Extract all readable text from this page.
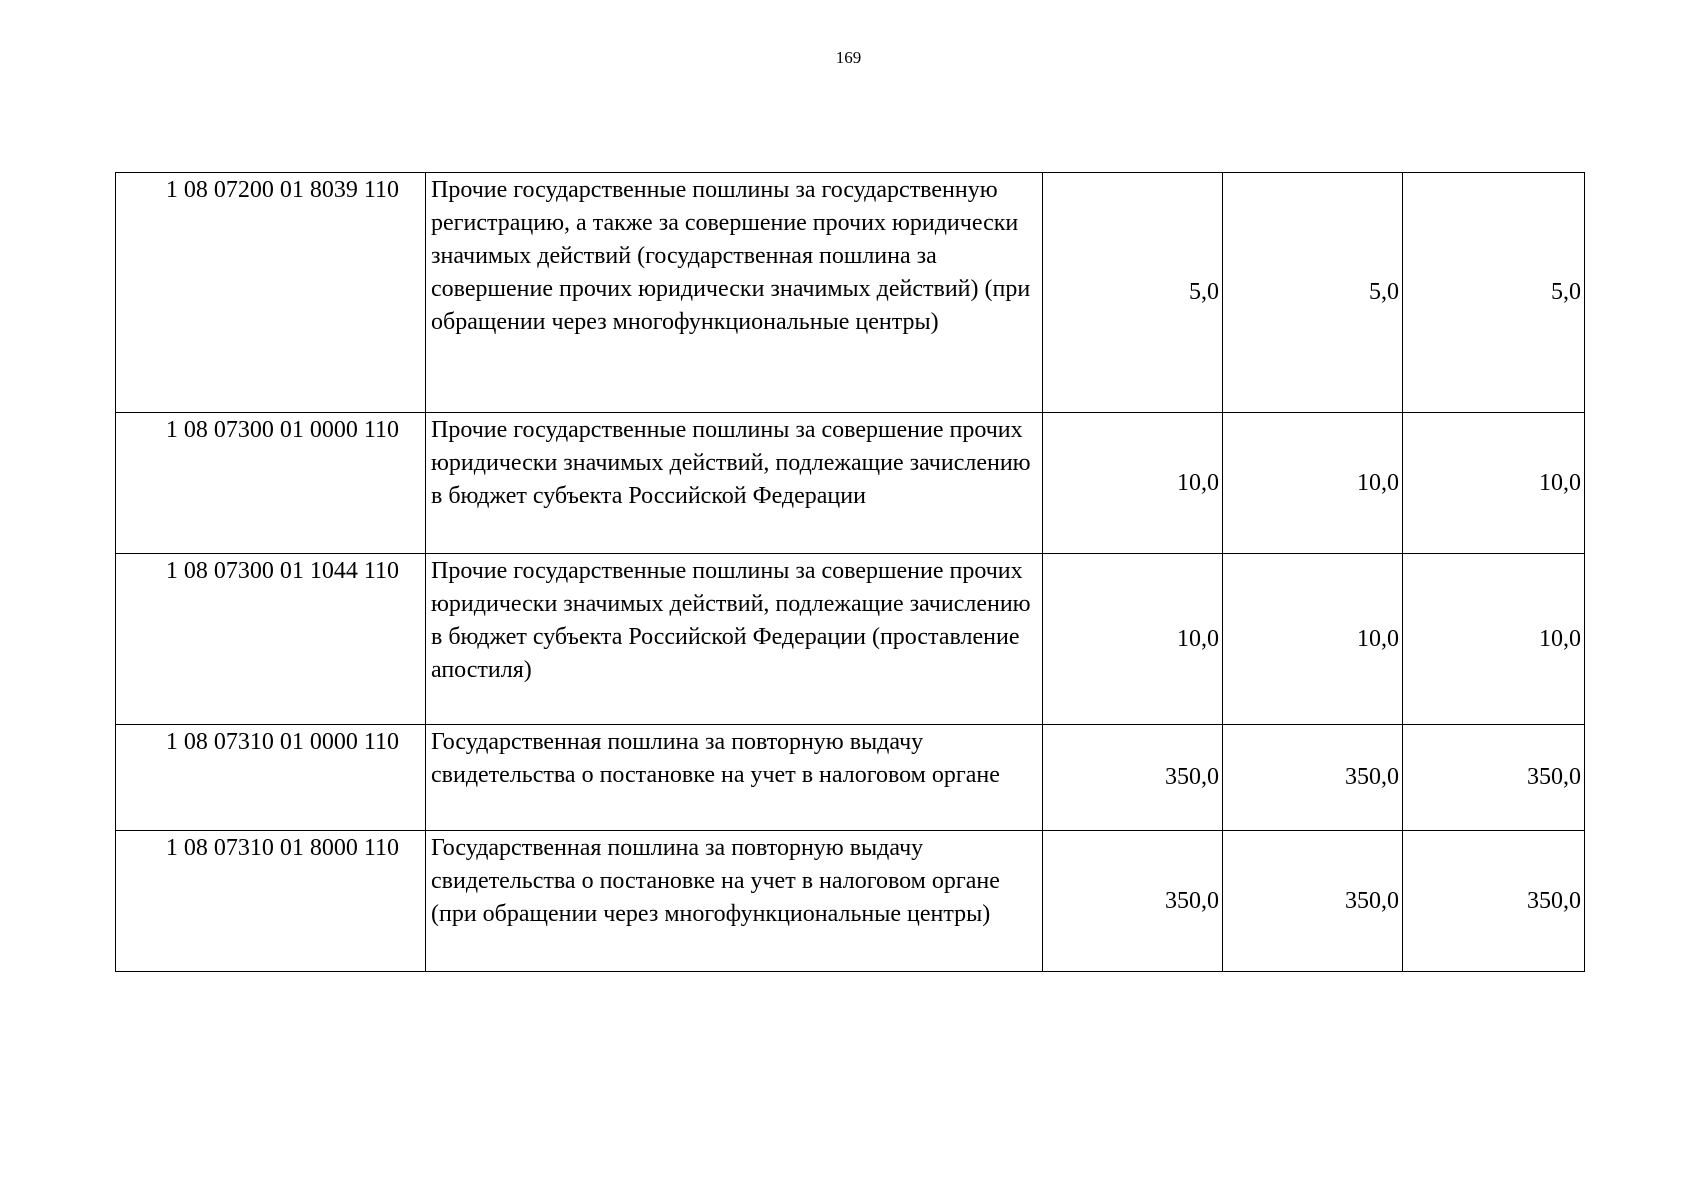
169
1 08 07200 01 8039 110	Прочие государственные пошлины за государственную регистрацию, а также за совершение прочих юридически значимых действий (государственная пошлина за совершение прочих юридически значимых действий) (при обращении через многофункциональные центры)	5,0	5,0	5,0
1 08 07300 01 0000 110	Прочие государственные пошлины за совершение прочих юридически значимых действий, подлежащие зачислению в бюджет субъекта Российской Федерации	10,0	10,0	10,0
1 08 07300 01 1044 110	Прочие государственные пошлины за совершение прочих юридически значимых действий, подлежащие зачислению в бюджет субъекта Российской Федерации (проставление апостиля)	10,0	10,0	10,0
1 08 07310 01 0000 110	Государственная пошлина за повторную выдачу свидетельства о постановке на учет в налоговом органе	350,0	350,0	350,0
1 08 07310 01 8000 110	Государственная пошлина за повторную выдачу свидетельства о постановке на учет в налоговом органе (при обращении через многофункциональные центры)	350,0	350,0	350,0
